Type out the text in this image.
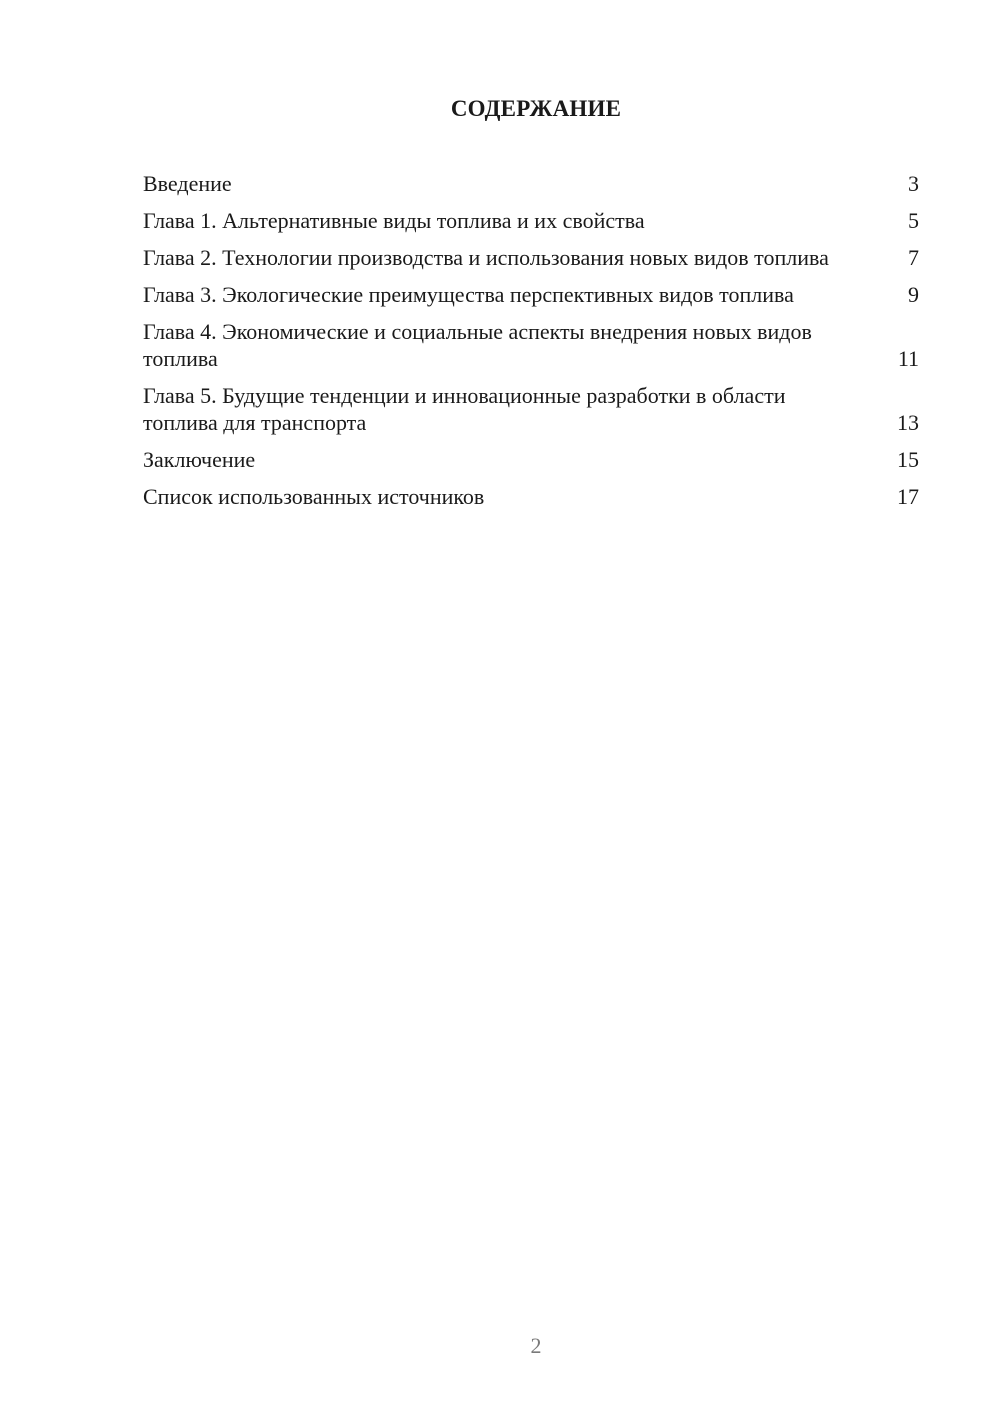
СОДЕРЖАНИЕ
Введение	3
Глава 1. Альтернативные виды топлива и их свойства	5
Глава 2. Технологии производства и использования новых видов топлива	7
Глава 3. Экологические преимущества перспективных видов топлива	9
Глава 4. Экономические и социальные аспекты внедрения новых видов топлива	11
Глава 5. Будущие тенденции и инновационные разработки в области топлива для транспорта	13
Заключение	15
Список использованных источников	17
2
